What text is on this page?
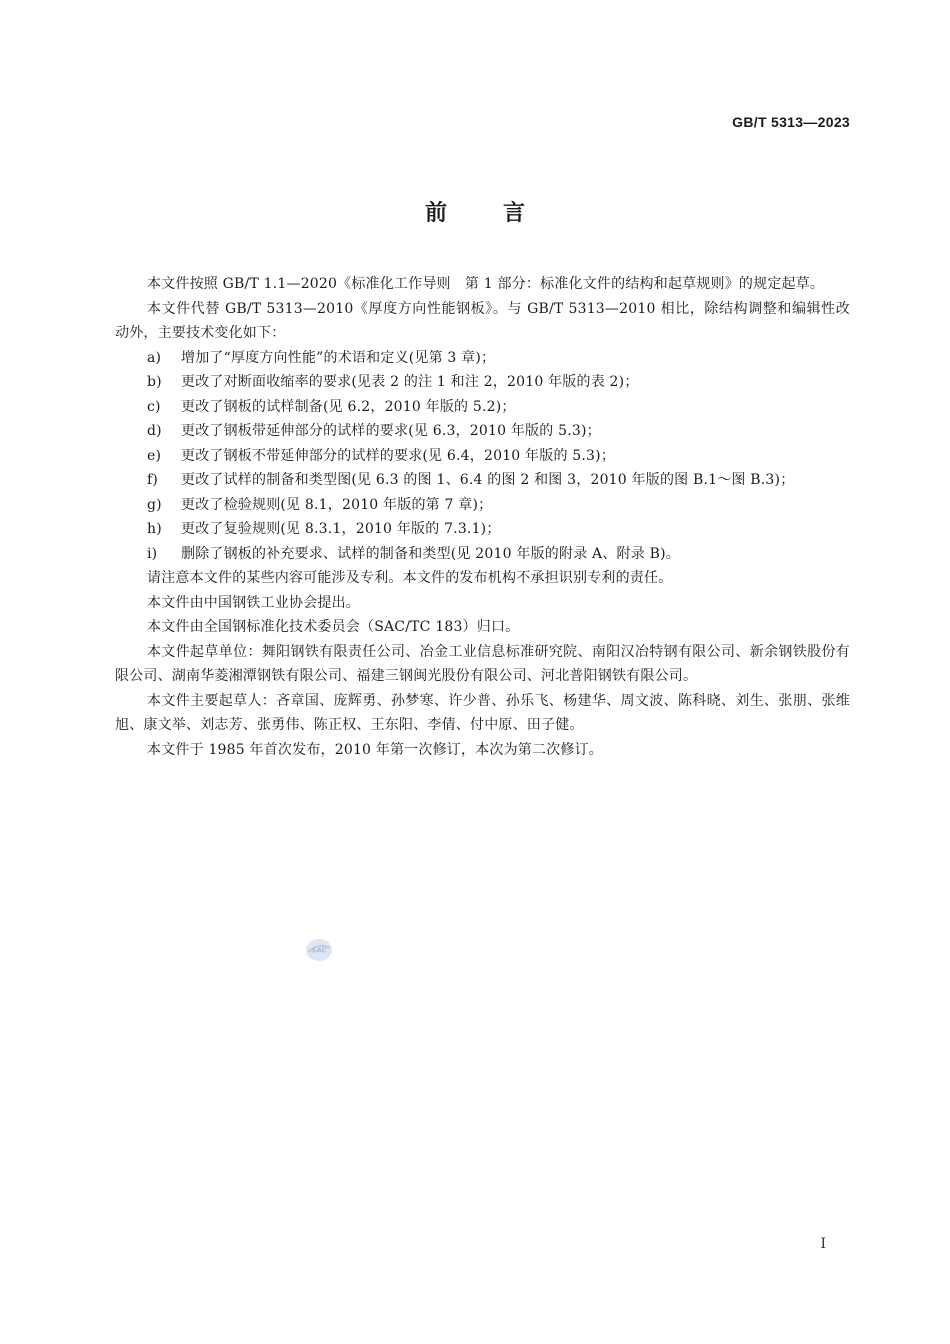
GB/T 5313—2023
前	言

本文件按照 GB/T 1.1—2020《标准化工作导则　第 1 部分：标准化文件的结构和起草规则》的规定起草。

本文件代替 GB/T 5313—2010《厚度方向性能钢板》。与 GB/T 5313—2010 相比，除结构调整和编辑性改动外，主要技术变化如下：

a)	增加了“厚度方向性能”的术语和定义(见第 3 章)；
b)	更改了对断面收缩率的要求(见表 2 的注 1 和注 2，2010 年版的表 2)；
c)	更改了钢板的试样制备(见 6.2，2010 年版的 5.2)；
d)	更改了钢板带延伸部分的试样的要求(见 6.3，2010 年版的 5.3)；
e)	更改了钢板不带延伸部分的试样的要求(见 6.4，2010 年版的 5.3)；
f)	更改了试样的制备和类型图(见 6.3 的图 1、6.4 的图 2 和图 3，2010 年版的图 B.1～图 B.3)；
g)	更改了检验规则(见 8.1，2010 年版的第 7 章)；
h)	更改了复验规则(见 8.3.1，2010 年版的 7.3.1)；
i)	删除了钢板的补充要求、试样的制备和类型(见 2010 年版的附录 A、附录 B)。

请注意本文件的某些内容可能涉及专利。本文件的发布机构不承担识别专利的责任。

本文件由中国钢铁工业协会提出。

本文件由全国钢标准化技术委员会（SAC/TC 183）归口。

本文件起草单位：舞阳钢铁有限责任公司、冶金工业信息标准研究院、南阳汉冶特钢有限公司、新余钢铁股份有限公司、湖南华菱湘潭钢铁有限公司、福建三钢闽光股份有限公司、河北普阳钢铁有限公司。

本文件主要起草人：吝章国、庞辉勇、孙梦寒、许少普、孙乐飞、杨建华、周文波、陈科晓、刘生、张朋、张维旭、康文举、刘志芳、张勇伟、陈正权、王东阳、李倩、付中原、田子健。

本文件于 1985 年首次发布，2010 年第一次修订，本次为第二次修订。

SAC
I
